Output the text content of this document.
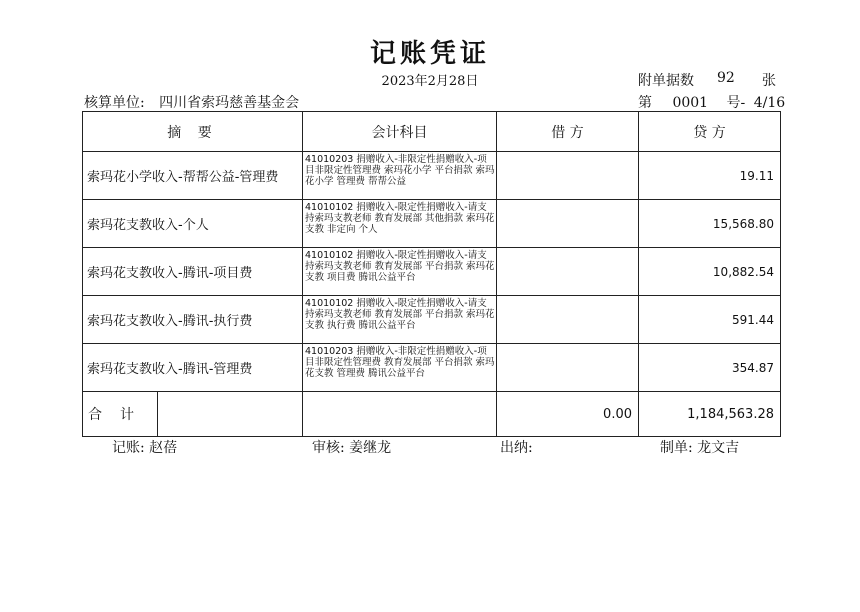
记账凭证
2023年2月28日	附单据数 92 张
核算单位: 四川省索玛慈善基金会	第 0001 号- 4/16
摘 要	会计科目	借 方	贷 方
索玛花小学收入-帮帮公益-管理费	41010203 捐赠收入-非限定性捐赠收入-项目非限定性管理费 索玛花小学 平台捐款 索玛花小学 管理费 帮帮公益		19.11
索玛花支教收入-个人	41010102 捐赠收入-限定性捐赠收入-请支持索玛支教老师 教育发展部 其他捐款 索玛花支教 非定向 个人		15,568.80
索玛花支教收入-腾讯-项目费	41010102 捐赠收入-限定性捐赠收入-请支持索玛支教老师 教育发展部 平台捐款 索玛花支教 项目费 腾讯公益平台		10,882.54
索玛花支教收入-腾讯-执行费	41010102 捐赠收入-限定性捐赠收入-请支持索玛支教老师 教育发展部 平台捐款 索玛花支教 执行费 腾讯公益平台		591.44
索玛花支教收入-腾讯-管理费	41010203 捐赠收入-非限定性捐赠收入-项目非限定性管理费 教育发展部 平台捐款 索玛花支教 管理费 腾讯公益平台		354.87

合计		0.00	1,184,563.28
记账: 赵蓓	审核: 姜继龙	出纳:	制单: 龙文吉
